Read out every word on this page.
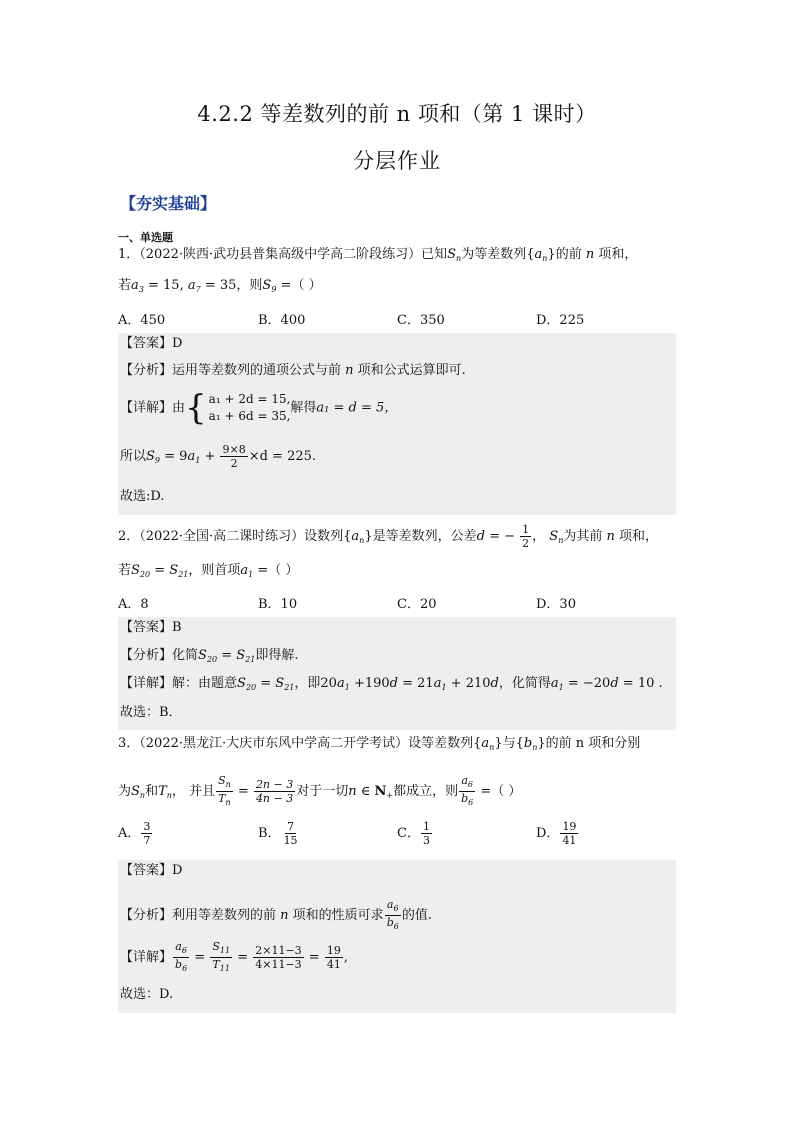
4.2.2 等差数列的前 n 项和（第 1 课时）
分层作业
【夯实基础】
一、单选题
1．（2022·陕西·武功县普集高级中学高二阶段练习）已知$S_n$为等差数列$\{a_n\}$的前 n 项和，
若$a_3 = 15$, $a_7 = 35$，则$S_9$ =（ ）
A．450	B．400	C．350	D．225
【答案】D
【分析】运用等差数列的通项公式与前 n 项和公式运算即可.
【详解】由 { a₁ + 2d = 15,
a₁ + 6d = 35,
解得a₁ = d = 5，
所以$S_9 = 9a_1 + \frac{9\times 8}{2} \times d = 225$.
故选:D.
2．（2022·全国·高二课时练习）设数列$\{a_n\}$是等差数列，公差d = − $\frac{1}{2}$ ， $S_n$为其前 n 项和，
若$S_{20} = S_{21}$，则首项$a_1$ =（ ）
A．8	B．10	C．20	D．30
【答案】B
【分析】化简$S_{20} = S_{21}$即得解.
【详解】解：由题意$S_{20} = S_{21}$，即$20a_1 +190d = 21a_1 + 210d$，化简得$a_1 = -20d = 10$ .
故选：B．
3．（2022·黑龙江·大庆市东风中学高二开学考试）设等差数列$\{a_n\}$与$\{b_n\}$的前 n 项和分别
为$S_n$和$T_n$， 并且 $\frac{S_n}{T_n} = \frac{2n - 3}{4n - 3}$ 对于一切n ∈ $N_+$都成立，则 $\frac{a_6}{b_6}$ =（ ）
A． $\frac{3}{7}$	B． $\frac{7}{15}$	C． $\frac{1}{3}$	D． $\frac{19}{41}$
【答案】D
【分析】利用等差数列的前 n 项和的性质可求 $\frac{a_6}{b_6}$ 的值.
【详解】 $\frac{a_6}{b_6} = \frac{S_{11}}{T_{11}} = \frac{2\times 11-3}{4\times 11-3} = \frac{19}{41}$ ,
故选：D.
